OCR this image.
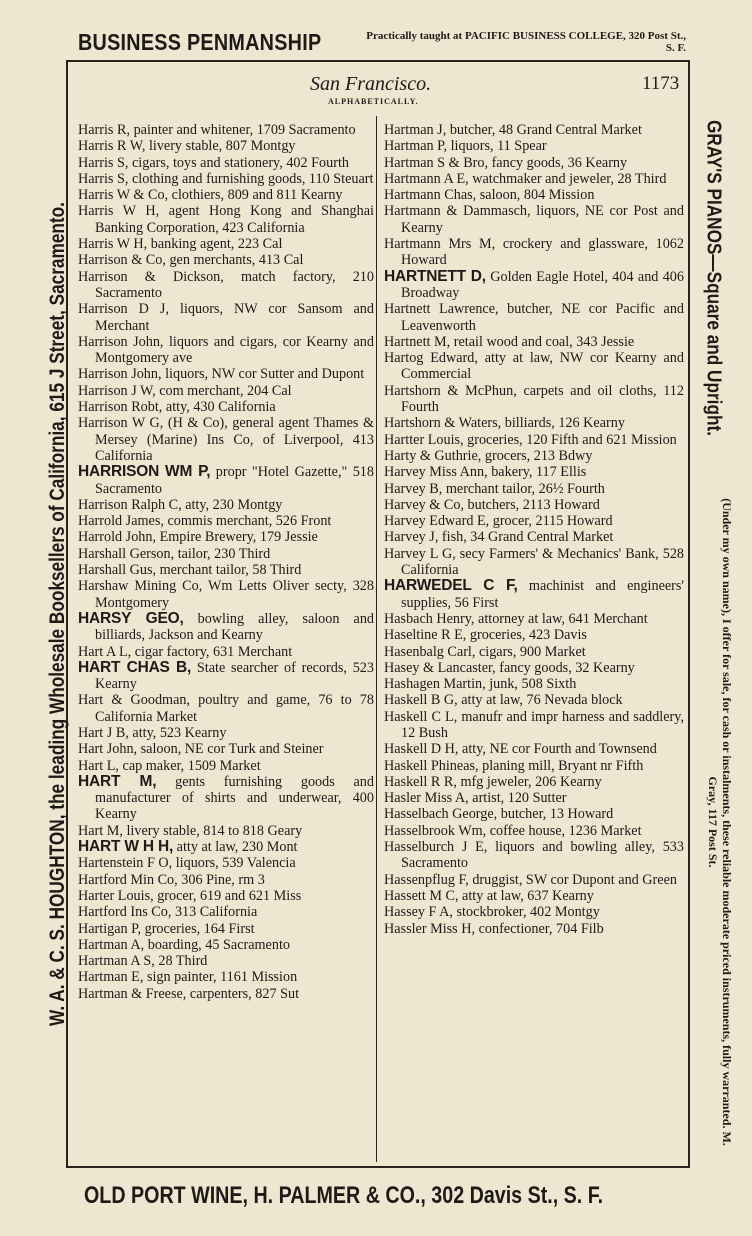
BUSINESS PENMANSHIP	Practically taught at PACIFIC BUSINESS COLLEGE, 320 Post St., S. F.
W. A. & C. S. HOUGHTON, the leading Wholesale Booksellers of California, 615 J Street, Sacramento.	GRAY'S PIANOS—Square and Upright.
(Under my own name), I offer for sale, for cash or instalments, these reliable moderate priced instruments, fully warranted. M. Gray, 117 Post St.
San Francisco.	1173
ALPHABETICALLY.
Harris R, painter and whitener, 1709 Sacramento
Harris R W, livery stable, 807 Montgy
Harris S, cigars, toys and stationery, 402 Fourth
Harris S, clothing and furnishing goods, 110 Steuart
Harris W & Co, clothiers, 809 and 811 Kearny
Harris W H, agent Hong Kong and Shanghai Banking Corporation, 423 California
Harris W H, banking agent, 223 Cal
Harrison & Co, gen merchants, 413 Cal
Harrison & Dickson, match factory, 210 Sacramento
Harrison D J, liquors, NW cor Sansom and Merchant
Harrison John, liquors and cigars, cor Kearny and Montgomery ave
Harrison John, liquors, NW cor Sutter and Dupont
Harrison J W, com merchant, 204 Cal
Harrison Robt, atty, 430 California
Harrison W G, (H & Co), general agent Thames & Mersey (Marine) Ins Co, of Liverpool, 413 California
HARRISON WM P, propr "Hotel Gazette," 518 Sacramento
Harrison Ralph C, atty, 230 Montgy
Harrold James, commis merchant, 526 Front
Harrold John, Empire Brewery, 179 Jessie
Harshall Gerson, tailor, 230 Third
Harshall Gus, merchant tailor, 58 Third
Harshaw Mining Co, Wm Letts Oliver secty, 328 Montgomery
HARSY GEO, bowling alley, saloon and billiards, Jackson and Kearny
Hart A L, cigar factory, 631 Merchant
HART CHAS B, State searcher of records, 523 Kearny
Hart & Goodman, poultry and game, 76 to 78 California Market
Hart J B, atty, 523 Kearny
Hart John, saloon, NE cor Turk and Steiner
Hart L, cap maker, 1509 Market
HART M, gents furnishing goods and manufacturer of shirts and underwear, 400 Kearny
Hart M, livery stable, 814 to 818 Geary
HART W H H, atty at law, 230 Mont
Hartenstein F O, liquors, 539 Valencia
Hartford Min Co, 306 Pine, rm 3
Harter Louis, grocer, 619 and 621 Miss
Hartford Ins Co, 313 California
Hartigan P, groceries, 164 First
Hartman A, boarding, 45 Sacramento
Hartman A S, 28 Third
Hartman E, sign painter, 1161 Mission
Hartman & Freese, carpenters, 827 Sut
Hartman J, butcher, 48 Grand Central Market
Hartman P, liquors, 11 Spear
Hartman S & Bro, fancy goods, 36 Kearny
Hartmann A E, watchmaker and jeweler, 28 Third
Hartmann Chas, saloon, 804 Mission
Hartmann & Dammasch, liquors, NE cor Post and Kearny
Hartmann Mrs M, crockery and glassware, 1062 Howard
HARTNETT D, Golden Eagle Hotel, 404 and 406 Broadway
Hartnett Lawrence, butcher, NE cor Pacific and Leavenworth
Hartnett M, retail wood and coal, 343 Jessie
Hartog Edward, atty at law, NW cor Kearny and Commercial
Hartshorn & McPhun, carpets and oil cloths, 112 Fourth
Hartshorn & Waters, billiards, 126 Kearny
Hartter Louis, groceries, 120 Fifth and 621 Mission
Harty & Guthrie, grocers, 213 Bdwy
Harvey Miss Ann, bakery, 117 Ellis
Harvey B, merchant tailor, 26½ Fourth
Harvey & Co, butchers, 2113 Howard
Harvey Edward E, grocer, 2115 Howard
Harvey J, fish, 34 Grand Central Market
Harvey L G, secy Farmers' & Mechanics' Bank, 528 California
HARWEDEL C F, machinist and engineers' supplies, 56 First
Hasbach Henry, attorney at law, 641 Merchant
Haseltine R E, groceries, 423 Davis
Hasenbalg Carl, cigars, 900 Market
Hasey & Lancaster, fancy goods, 32 Kearny
Hashagen Martin, junk, 508 Sixth
Haskell B G, atty at law, 76 Nevada block
Haskell C L, manufr and impr harness and saddlery, 12 Bush
Haskell D H, atty, NE cor Fourth and Townsend
Haskell Phineas, planing mill, Bryant nr Fifth
Haskell R R, mfg jeweler, 206 Kearny
Hasler Miss A, artist, 120 Sutter
Hasselbach George, butcher, 13 Howard
Hasselbrook Wm, coffee house, 1236 Market
Hasselburch J E, liquors and bowling alley, 533 Sacramento
Hassenpflug F, druggist, SW cor Dupont and Green
Hassett M C, atty at law, 637 Kearny
Hassey F A, stockbroker, 402 Montgy
Hassler Miss H, confectioner, 704 Filb
OLD PORT WINE, H. PALMER & CO., 302 Davis St., S. F.
